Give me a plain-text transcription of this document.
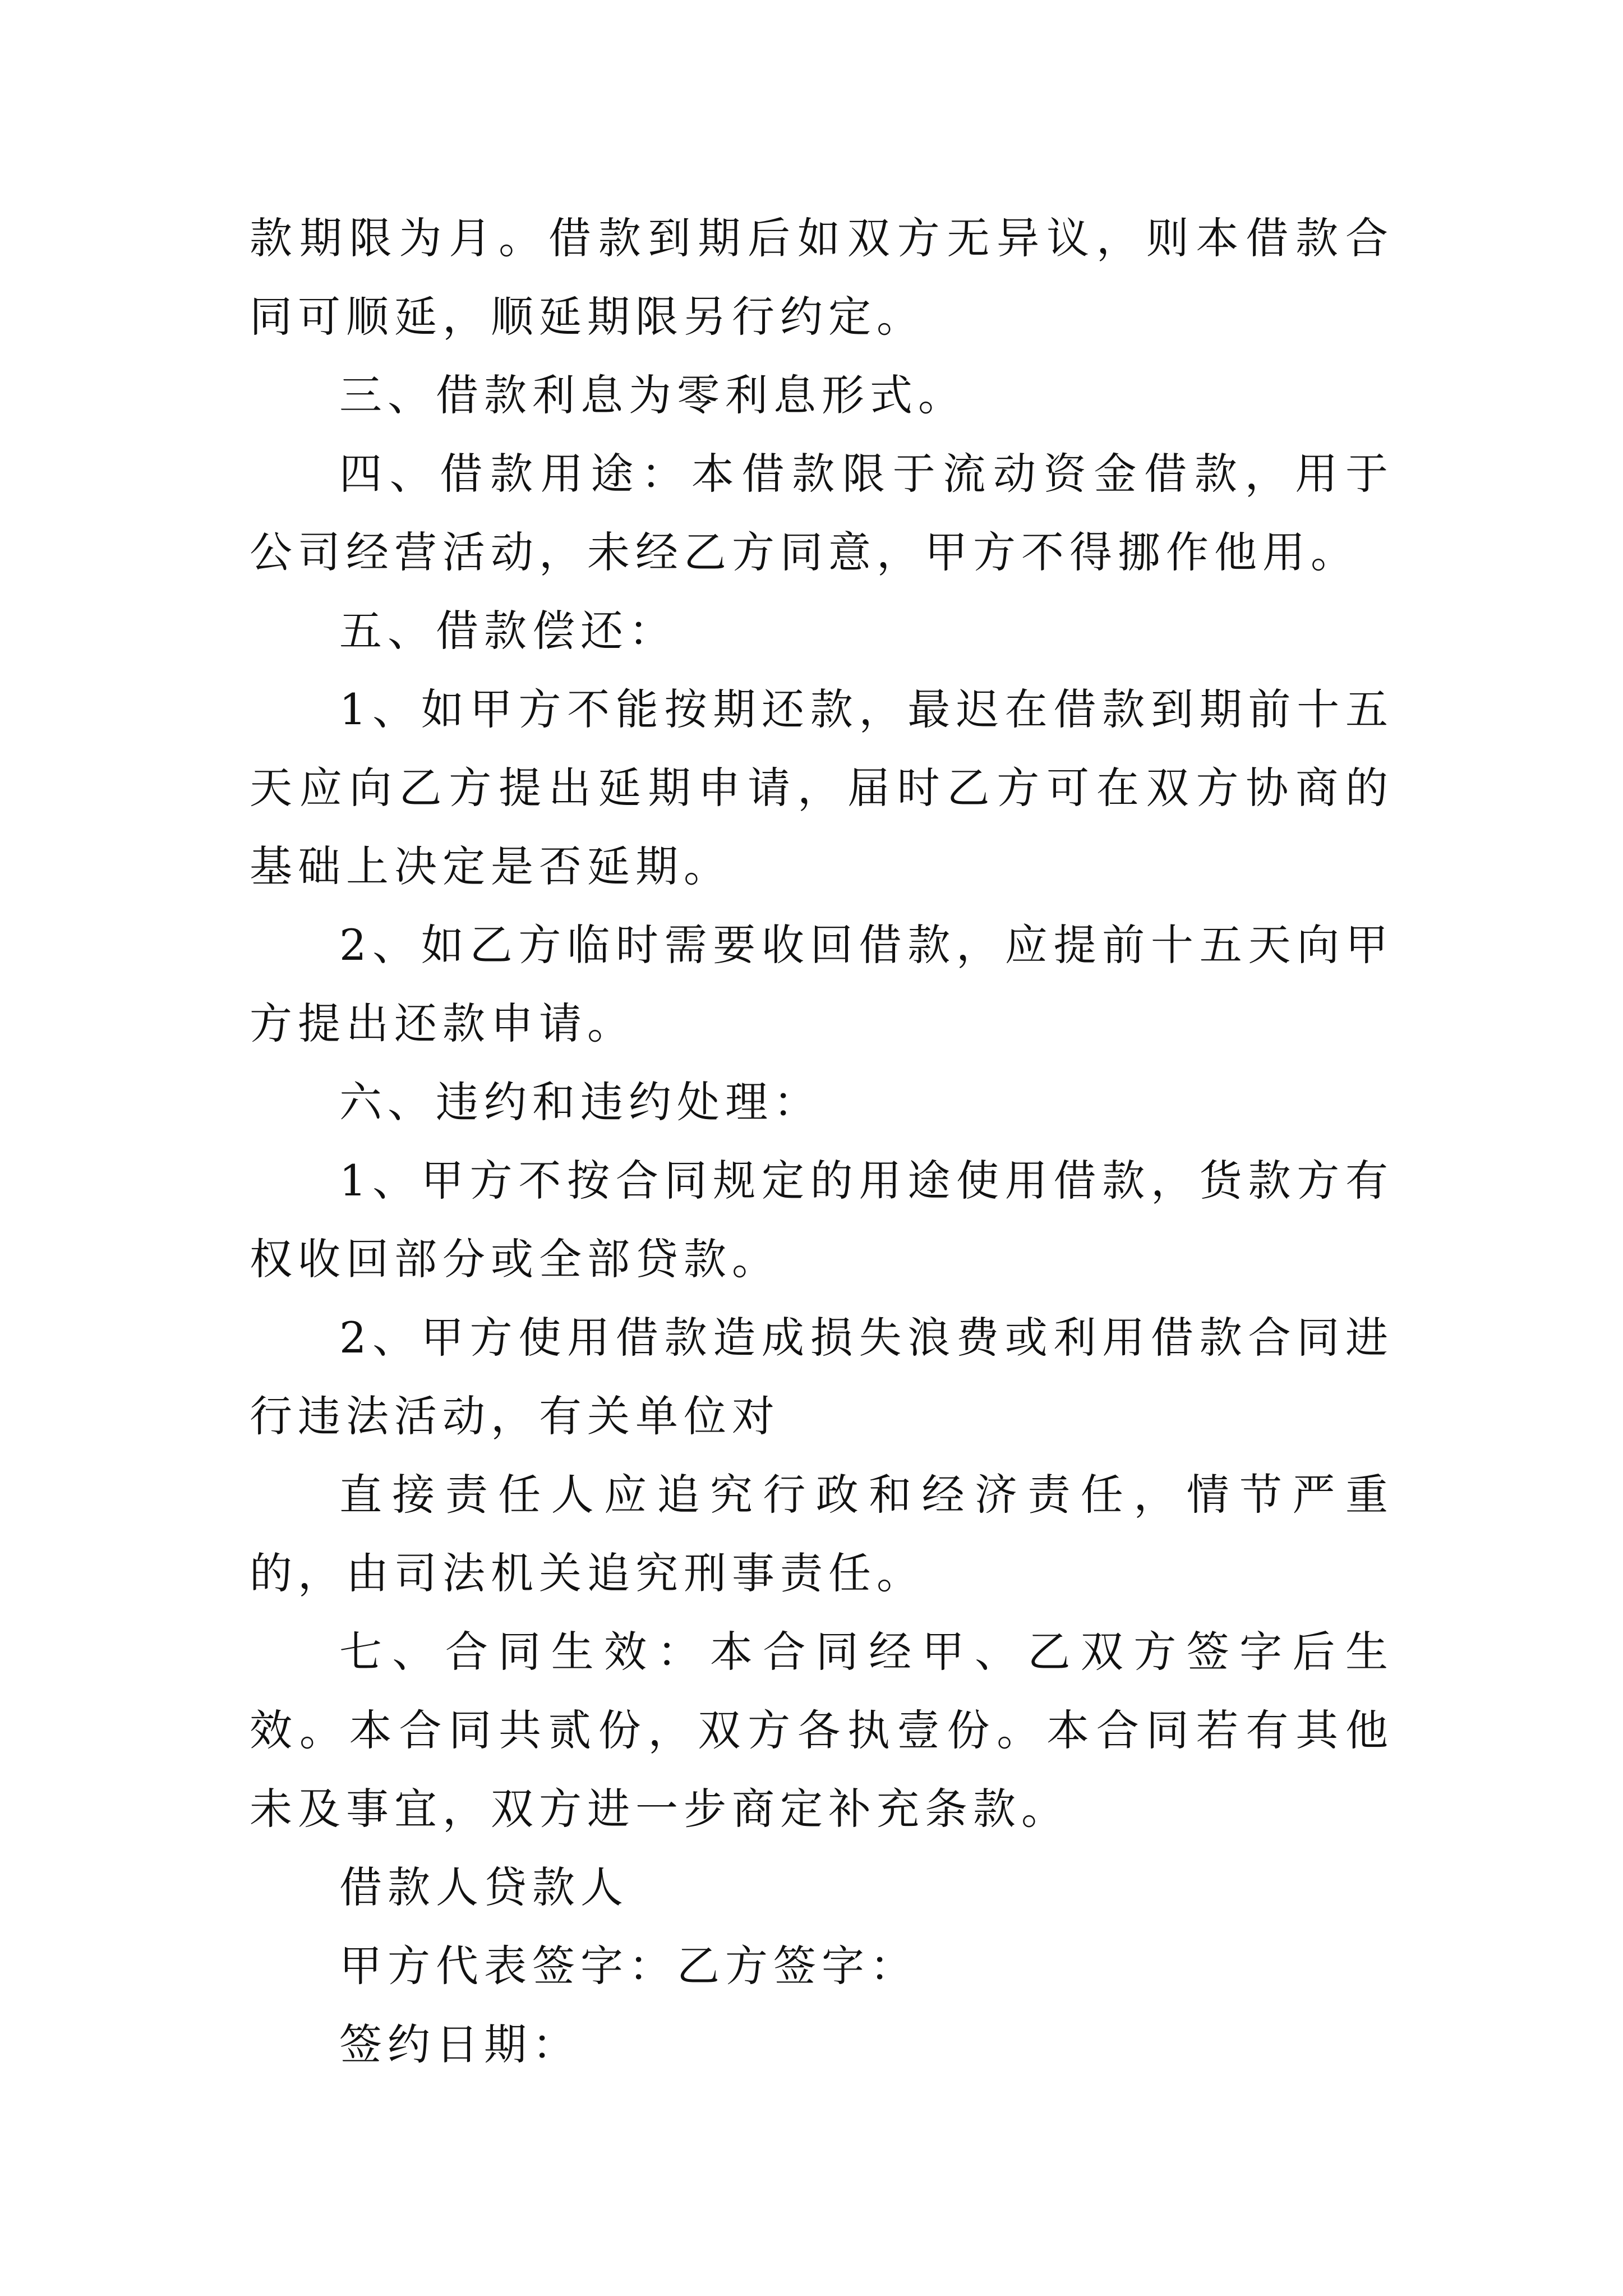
款期限为月。借款到期后如双方无异议，则本借款合同可顺延，顺延期限另行约定。

三、借款利息为零利息形式。

四、借款用途：本借款限于流动资金借款，用于公司经营活动，未经乙方同意，甲方不得挪作他用。

五、借款偿还：

1、如甲方不能按期还款，最迟在借款到期前十五天应向乙方提出延期申请，届时乙方可在双方协商的基础上决定是否延期。

2、如乙方临时需要收回借款，应提前十五天向甲方提出还款申请。

六、违约和违约处理：

1、甲方不按合同规定的用途使用借款，货款方有权收回部分或全部贷款。

2、甲方使用借款造成损失浪费或利用借款合同进行违法活动，有关单位对

直接责任人应追究行政和经济责任，情节严重的，由司法机关追究刑事责任。

七、合同生效：本合同经甲、乙双方签字后生效。本合同共贰份，双方各执壹份。本合同若有其他未及事宜，双方进一步商定补充条款。

借款人贷款人

甲方代表签字：乙方签字：

签约日期：
